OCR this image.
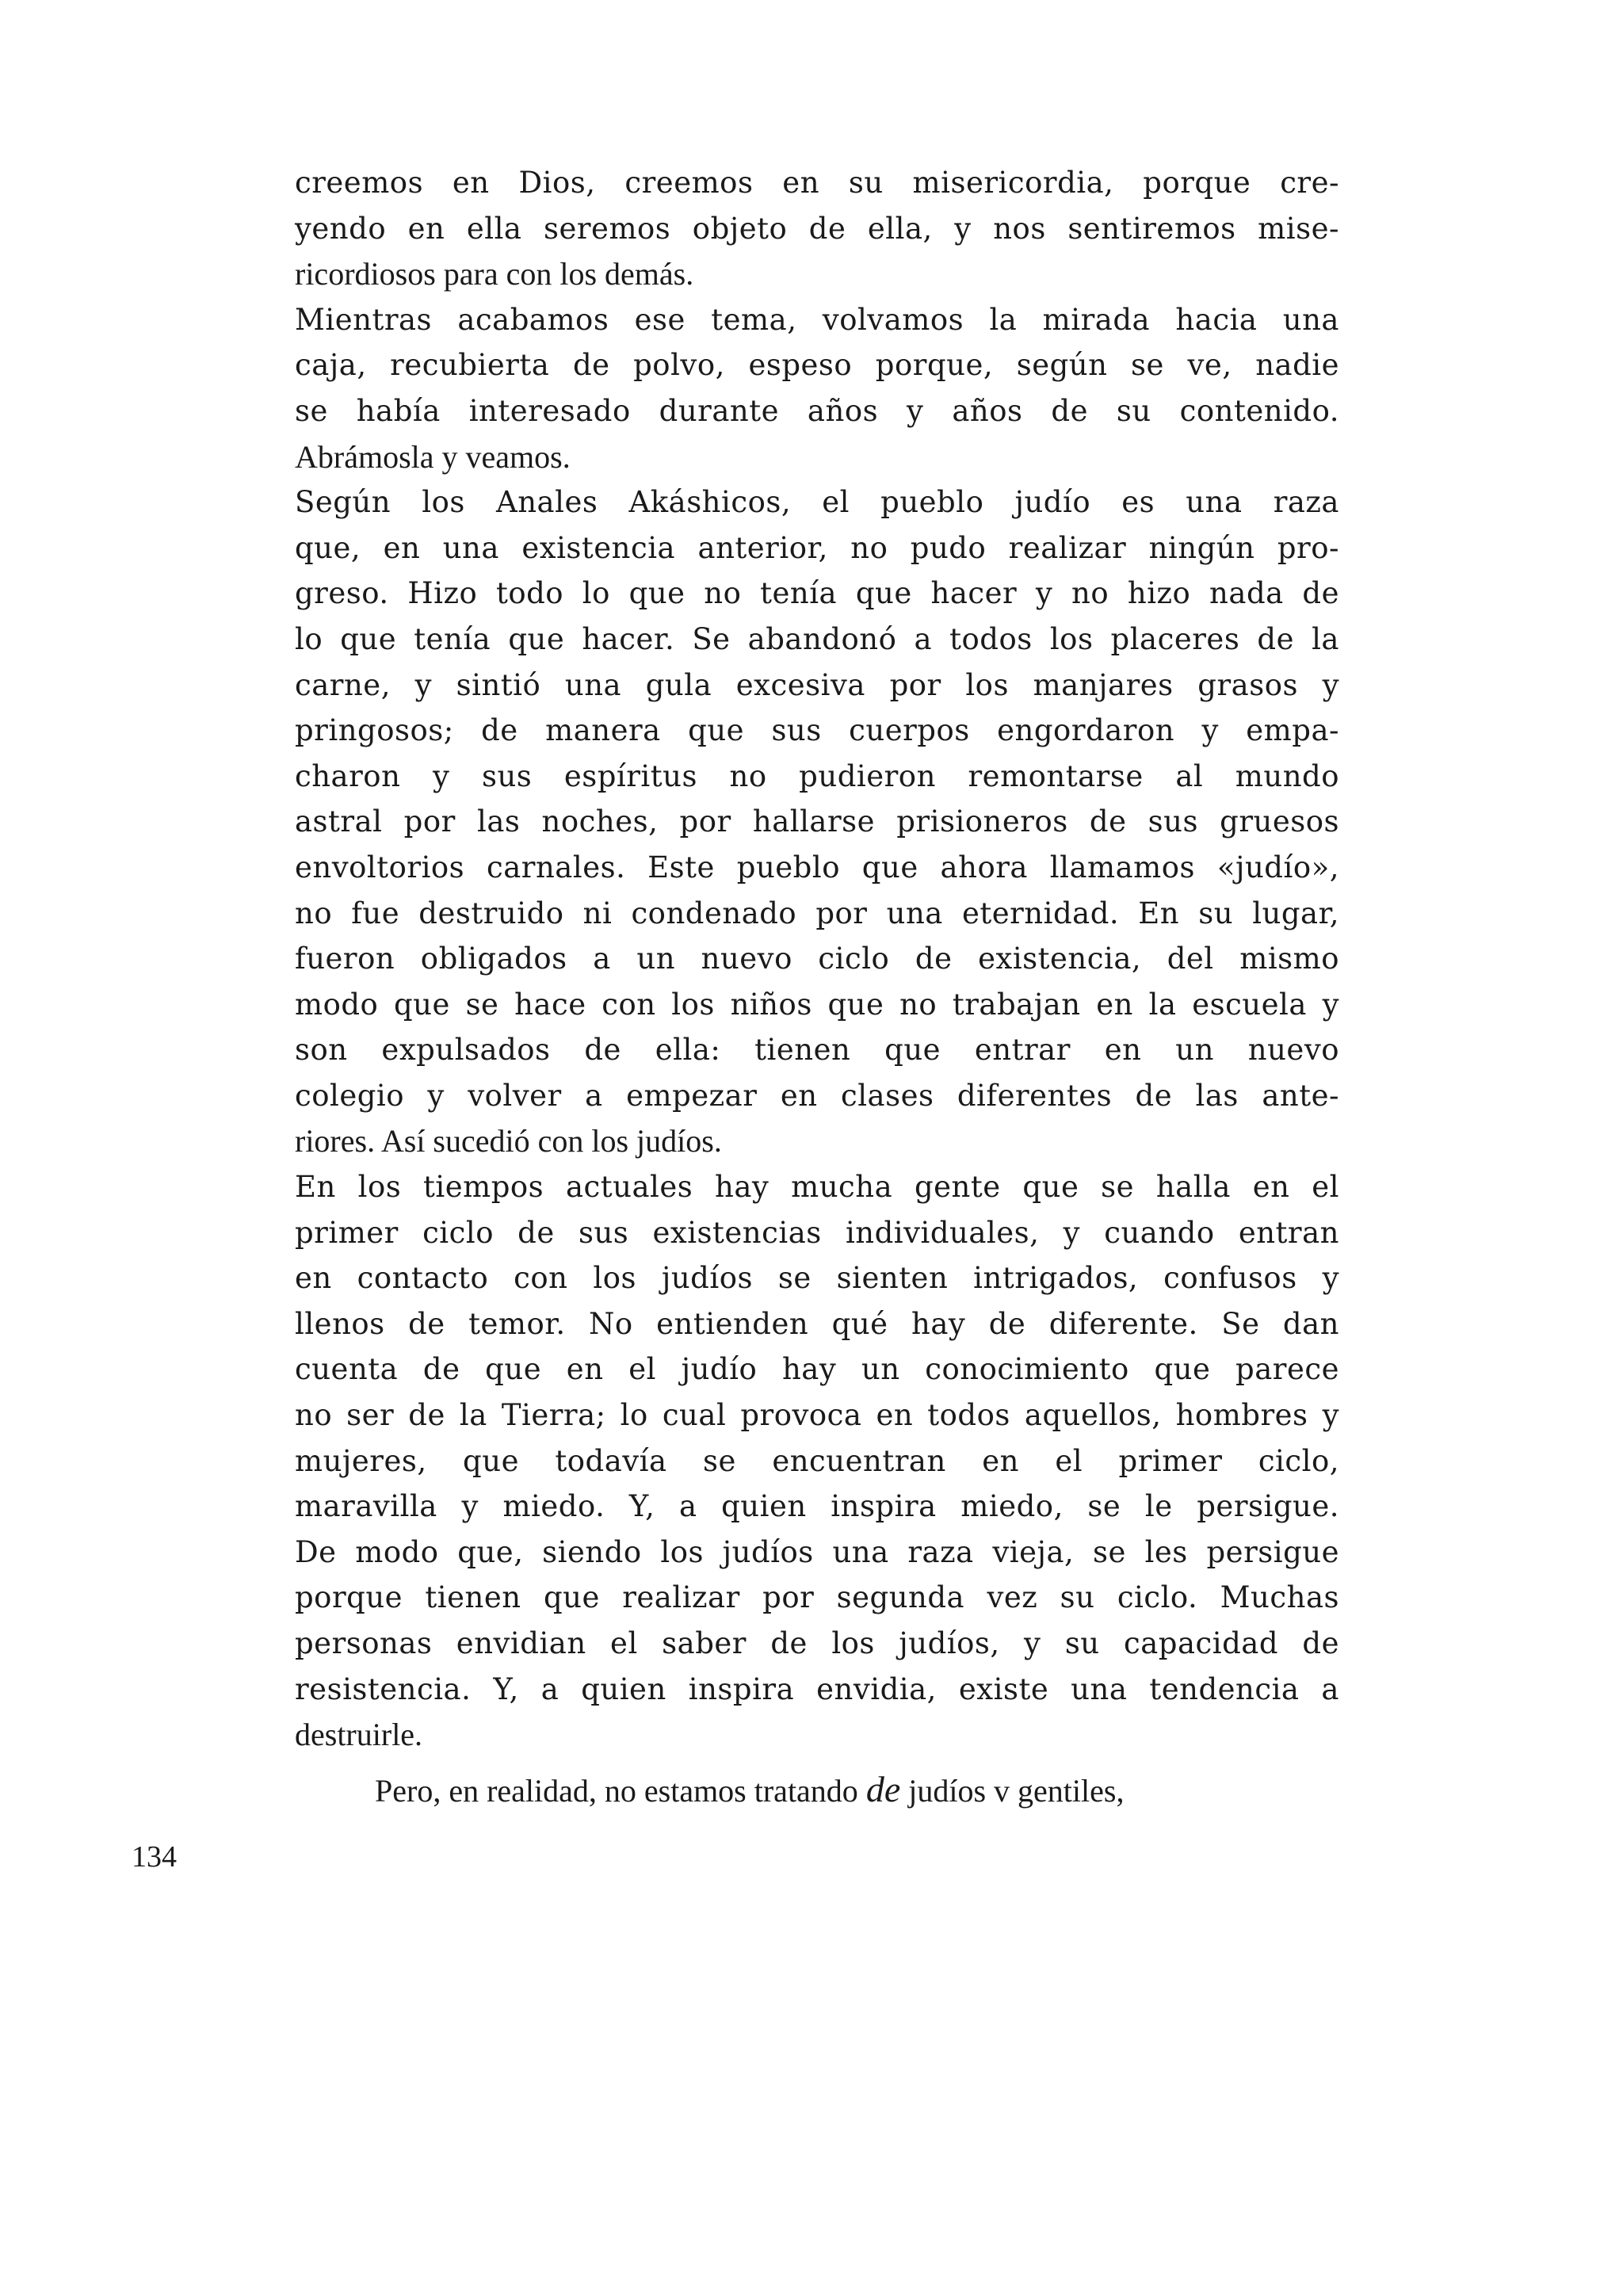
creemos en Dios, creemos en su misericordia, porque cre-
yendo en ella seremos objeto de ella, y nos sentiremos mise-
ricordiosos para con los demás.
Mientras acabamos ese tema, volvamos la mirada hacia una
caja, recubierta de polvo, espeso porque, según se ve, nadie
se había interesado durante años y años de su contenido.
Abrámosla y veamos.
Según los Anales Akáshicos, el pueblo judío es una raza
que, en una existencia anterior, no pudo realizar ningún pro-
greso. Hizo todo lo que no tenía que hacer y no hizo nada de
lo que tenía que hacer. Se abandonó a todos los placeres de la
carne, y sintió una gula excesiva por los manjares grasos y
pringosos; de manera que sus cuerpos engordaron y empa-
charon y sus espíritus no pudieron remontarse al mundo
astral por las noches, por hallarse prisioneros de sus gruesos
envoltorios carnales. Este pueblo que ahora llamamos «judío»,
no fue destruido ni condenado por una eternidad. En su lugar,
fueron obligados a un nuevo ciclo de existencia, del mismo
modo que se hace con los niños que no trabajan en la escuela y
son expulsados de ella: tienen que entrar en un nuevo
colegio y volver a empezar en clases diferentes de las ante-
riores. Así sucedió con los judíos.
En los tiempos actuales hay mucha gente que se halla en el
primer ciclo de sus existencias individuales, y cuando entran
en contacto con los judíos se sienten intrigados, confusos y
llenos de temor. No entienden qué hay de diferente. Se dan
cuenta de que en el judío hay un conocimiento que parece
no ser de la Tierra; lo cual provoca en todos aquellos, hombres y
mujeres, que todavía se encuentran en el primer ciclo,
maravilla y miedo. Y, a quien inspira miedo, se le persigue.
De modo que, siendo los judíos una raza vieja, se les persigue
porque tienen que realizar por segunda vez su ciclo. Muchas
personas envidian el saber de los judíos, y su capacidad de
resistencia. Y, a quien inspira envidia, existe una tendencia a
destruirle.
Pero, en realidad, no estamos tratando de judíos v gentiles,
134
